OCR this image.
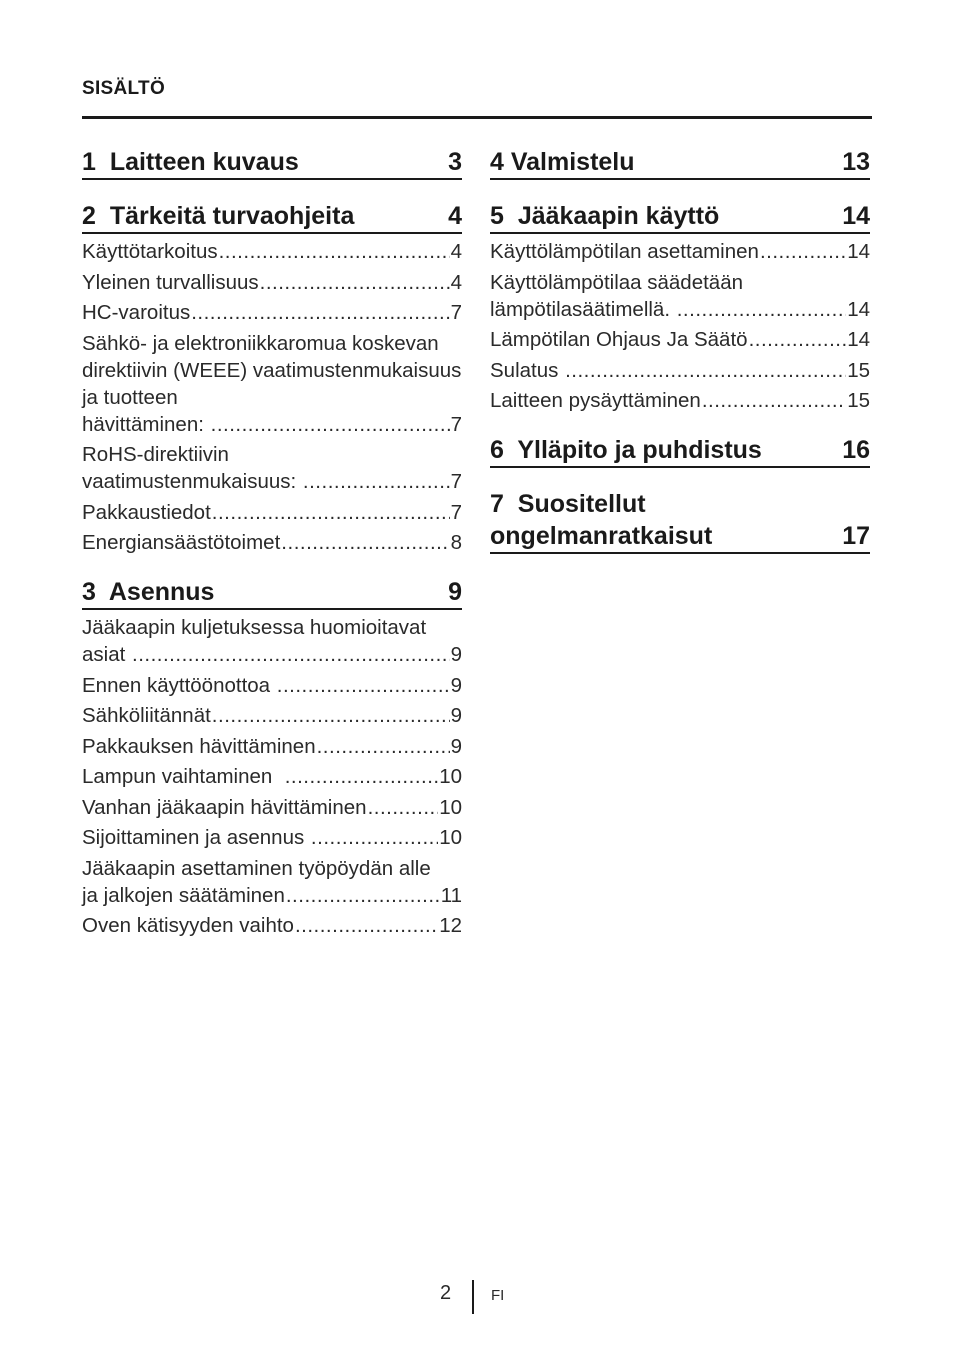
SISÄLTÖ
1 Laitteen kuvaus	3
2 Tärkeitä turvaohjeita	4
Käyttötarkoitus .....	4
Yleinen turvallisuus .....	4
HC-varoitus .....	7
Sähkö- ja elektroniikkaromua koskevan direktiivin (WEEE) vaatimustenmukaisuus ja tuotteen
hävittäminen: .....	7
RoHS-direktiivin
vaatimustenmukaisuus: .....	7
Pakkaustiedot .....	7
Energiansäästötoimet .....	8
3 Asennus	9
Jääkaapin kuljetuksessa huomioitavat
asiat .....	9
Ennen käyttöönottoa .....	9
Sähköliitännät .....	9
Pakkauksen hävittäminen .....	9
Lampun vaihtaminen .....	10
Vanhan jääkaapin hävittäminen .....	10
Sijoittaminen ja asennus .....	10
Jääkaapin asettaminen työpöydän alle
ja jalkojen säätäminen .....	11
Oven kätisyyden vaihto .....	12
4 Valmistelu	13
5 Jääkaapin käyttö	14
Käyttölämpötilan asettaminen .....	14
Käyttölämpötilaa säädetään
lämpötilasäätimellä. .....	14
Lämpötilan Ohjaus Ja Säätö .....	14
Sulatus .....	15
Laitteen pysäyttäminen .....	15
6 Ylläpito ja puhdistus	16
7  Suositellut
ongelmanratkaisut	17
2	FI
